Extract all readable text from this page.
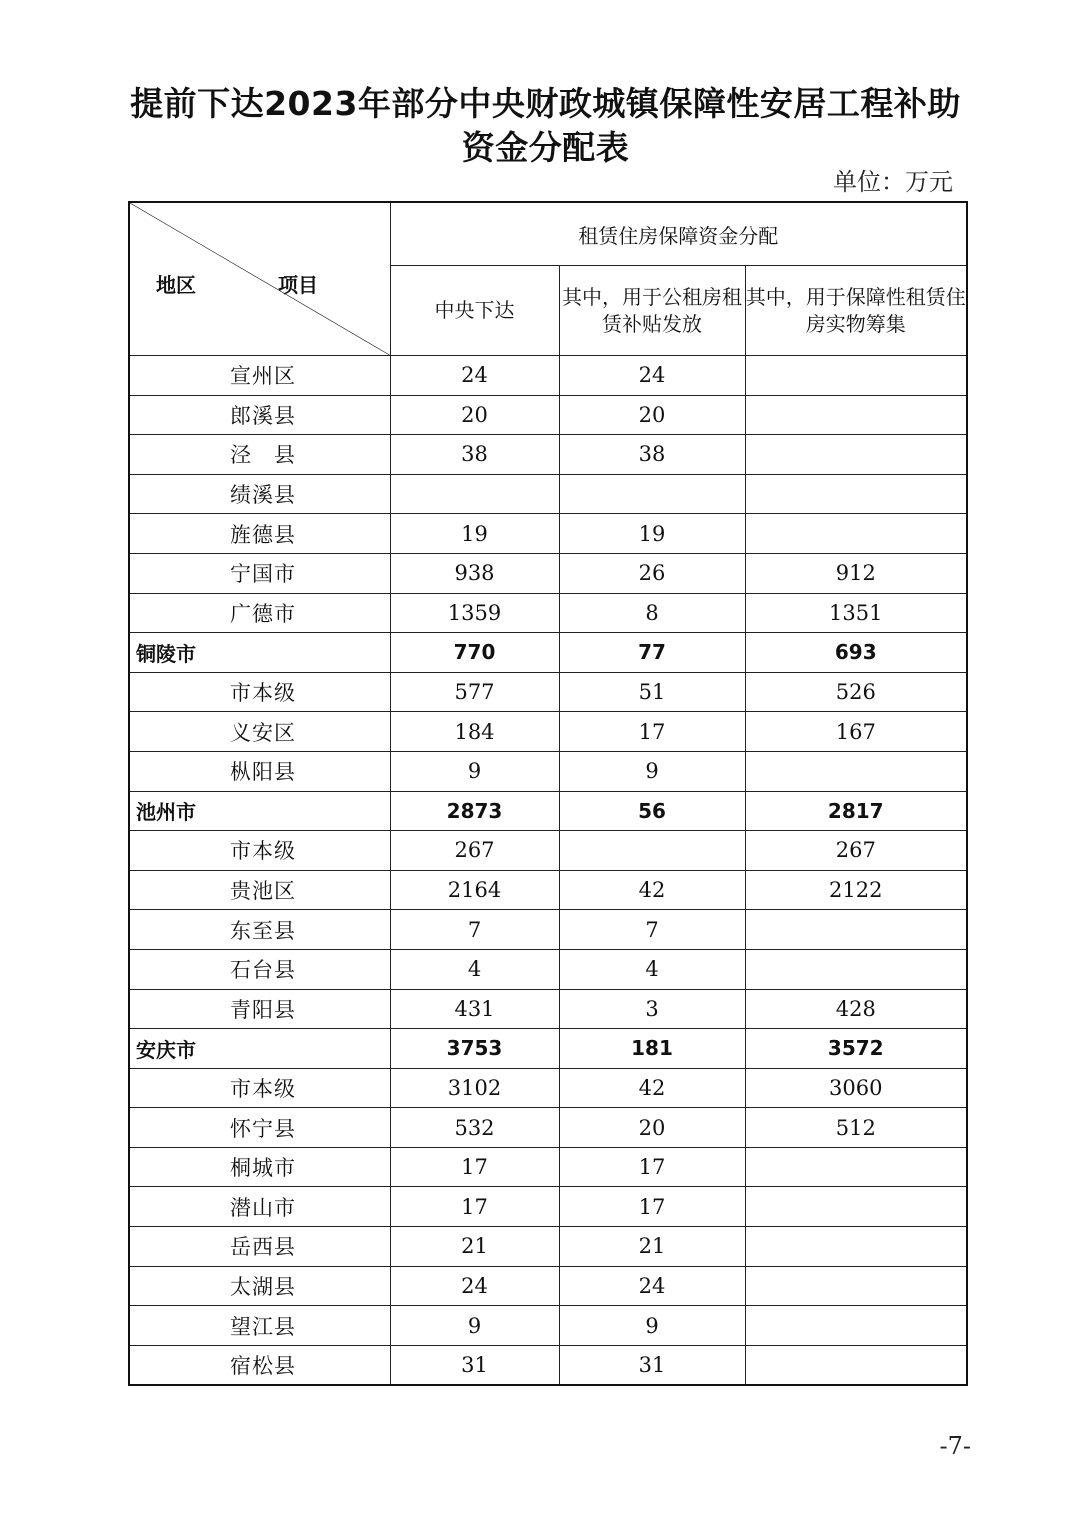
提前下达2023年部分中央财政城镇保障性安居工程补助
资金分配表
单位：万元
地区 项目	租赁住房保障资金分配		
	中央下达	其中，用于公租房租赁补贴发放	其中，用于保障性租赁住房实物筹集
宣州区	24	24	
郎溪县	20	20	
泾　县	38	38	
绩溪县			
旌德县	19	19	
宁国市	938	26	912
广德市	1359	8	1351
铜陵市	770	77	693
市本级	577	51	526
义安区	184	17	167
枞阳县	9	9	
池州市	2873	56	2817
市本级	267		267
贵池区	2164	42	2122
东至县	7	7	
石台县	4	4	
青阳县	431	3	428
安庆市	3753	181	3572
市本级	3102	42	3060
怀宁县	532	20	512
桐城市	17	17	
潜山市	17	17	
岳西县	21	21	
太湖县	24	24	
望江县	9	9	
宿松县	31	31	
-7-
